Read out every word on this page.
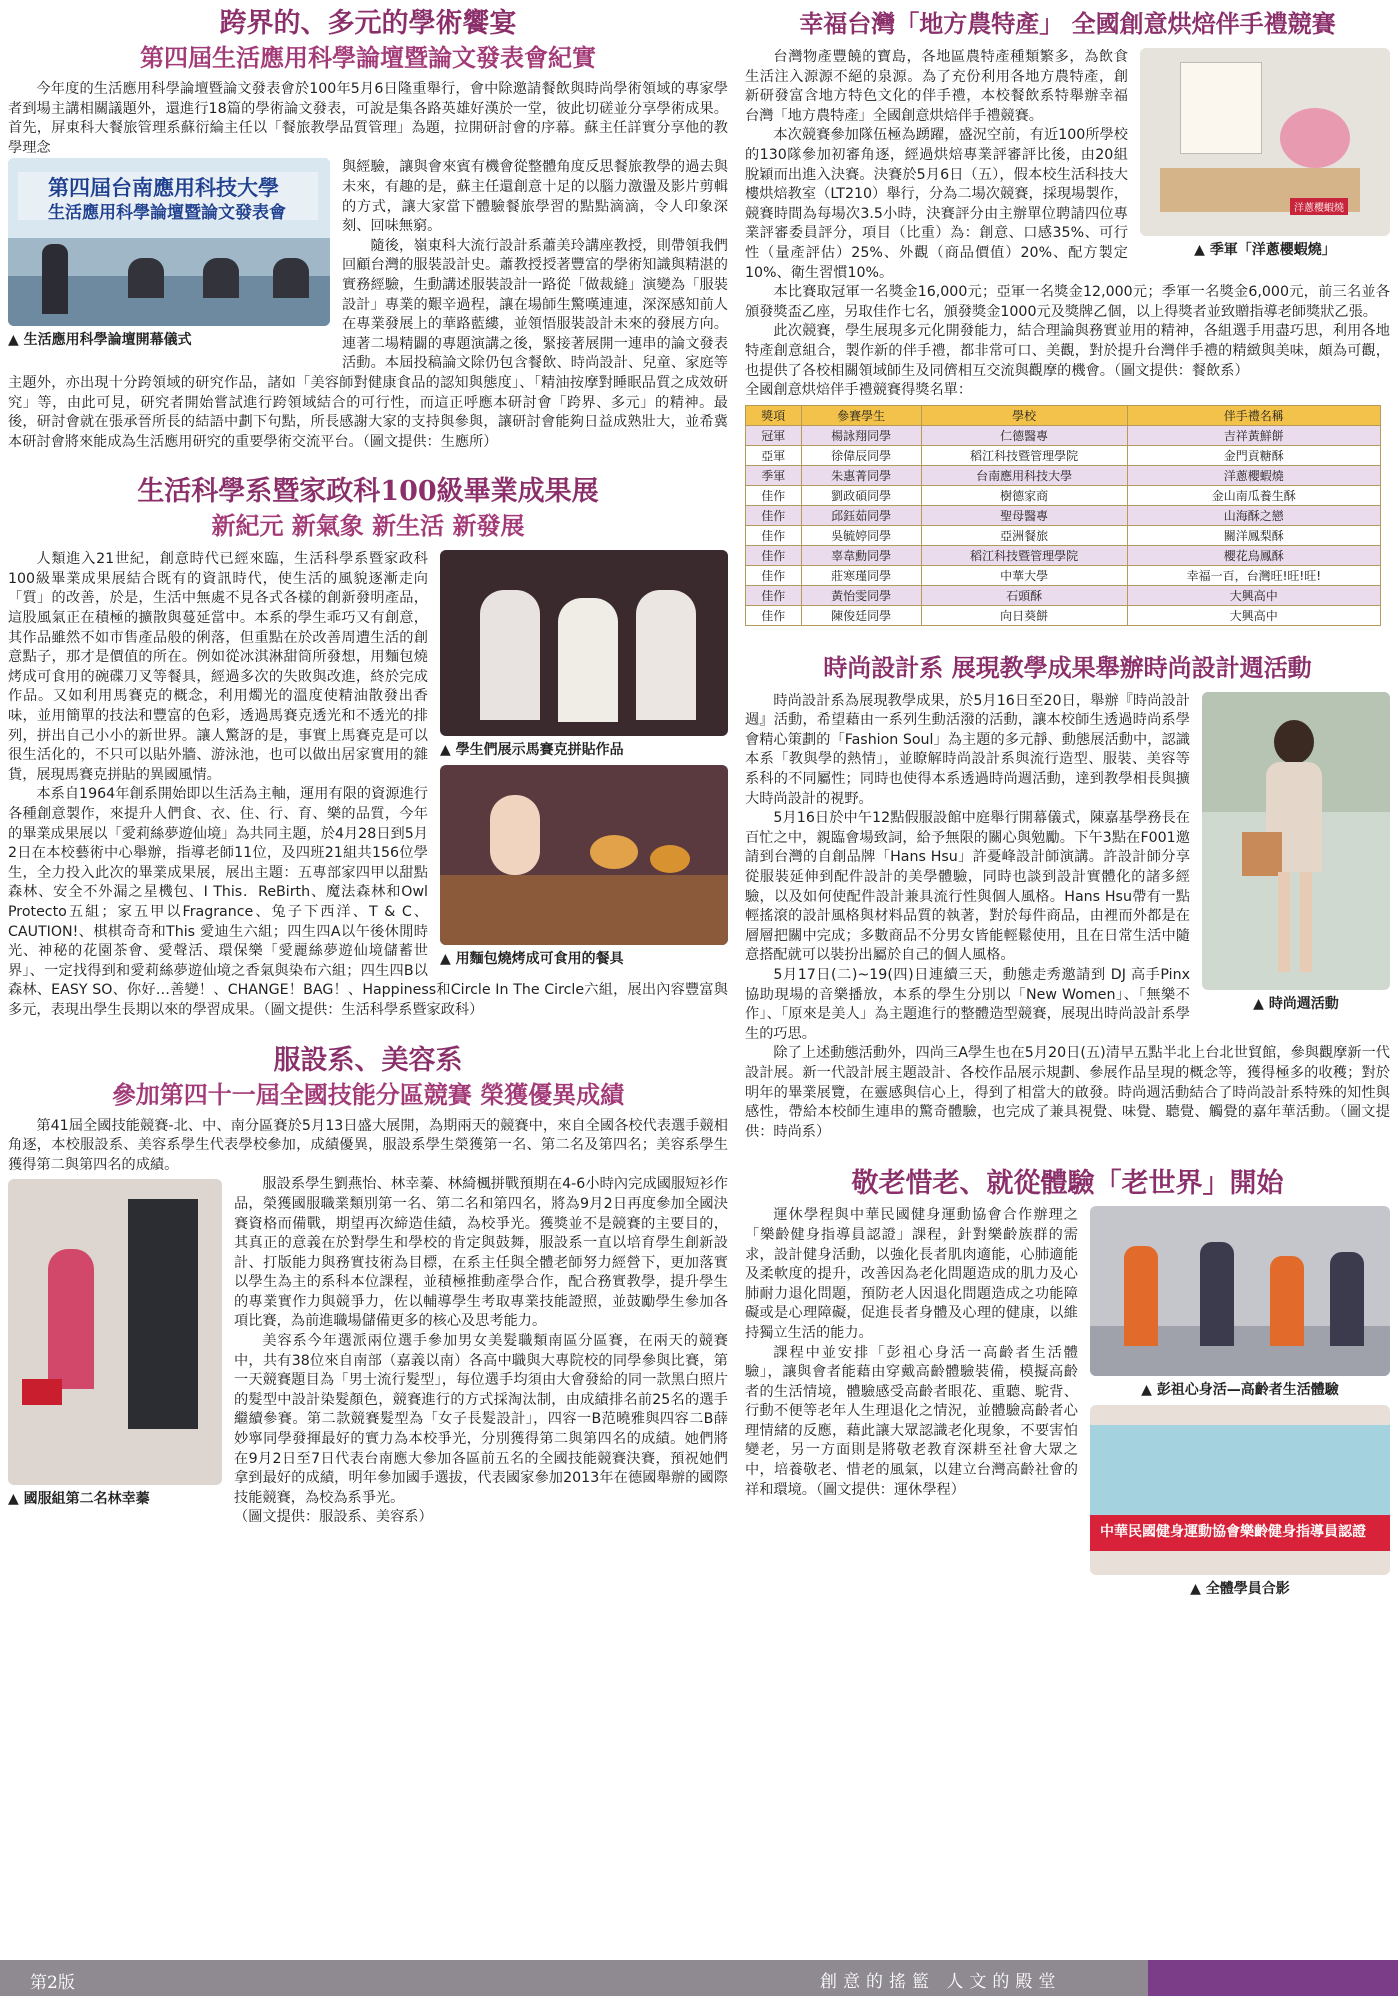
跨界的、多元的學術饗宴
第四屆生活應用科學論壇暨論文發表會紀實

今年度的生活應用科學論壇暨論文發表會於100年5月6日隆重舉行，會中除邀請餐飲與時尚學術領域的專家學者到場主講相關議題外，還進行18篇的學術論文發表，可說是集各路英雄好漢於一堂，彼此切磋並分享學術成果。首先，屏東科大餐旅管理系蘇衍綸主任以「餐旅教學品質管理」為題，拉開研討會的序幕。蘇主任詳實分享他的教學理念

第四屆台南應用科技大學
生活應用科學論壇暨論文發表會
▲ 生活應用科學論壇開幕儀式

與經驗，讓與會來賓有機會從整體角度反思餐旅教學的過去與未來，有趣的是，蘇主任還創意十足的以腦力激盪及影片剪輯的方式，讓大家當下體驗餐旅學習的點點滴滴，令人印象深刻、回味無窮。

隨後，嶺東科大流行設計系蕭美玲講座教授，則帶領我們回顧台灣的服裝設計史。蕭教授授著豐富的學術知識與精湛的實務經驗，生動講述服裝設計一路從「做裁縫」演變為「服裝設計」專業的艱辛過程，讓在場師生驚嘆連連，深深感知前人在專業發展上的華路藍縷，並領悟服裝設計未來的發展方向。連著二場精闢的專題演講之後，緊接著展開一連串的論文發表活動。本屆投稿論文除仍包含餐飲、時尚設計、兒童、家庭等主題外，亦出現十分跨領域的研究作品，諸如「美容師對健康食品的認知與態度」、「精油按摩對睡眠品質之成效研究」等，由此可見，研究者開始嘗試進行跨領域結合的可行性，而這正呼應本研討會「跨界、多元」的精神。最後，研討會就在張承晉所長的結語中劃下句點，所長感謝大家的支持與參與，讓研討會能夠日益成熟壯大，並希冀本研討會將來能成為生活應用研究的重要學術交流平台。（圖文提供：生應所）

生活科學系暨家政科100級畢業成果展
新紀元 新氣象 新生活 新發展
▲ 學生們展示馬賽克拼貼作品
▲ 用麵包燒烤成可食用的餐具

人類進入21世紀，創意時代已經來臨，生活科學系暨家政科100級畢業成果展結合既有的資訊時代，使生活的風貌逐漸走向「質」的改善，於是，生活中無處不見各式各樣的創新發明產品，這股風氣正在積極的擴散與蔓延當中。本系的學生乖巧又有創意，其作品雖然不如市售產品般的俐落，但重點在於改善周遭生活的創意點子，那才是價值的所在。例如從冰淇淋甜筒所發想，用麵包燒烤成可食用的碗碟刀叉等餐具，經過多次的失敗與改進，終於完成作品。又如利用馬賽克的概念，利用燭光的溫度使精油散發出香味，並用簡單的技法和豐富的色彩，透過馬賽克透光和不透光的排列，拼出自己小小的新世界。讓人驚訝的是，事實上馬賽克是可以很生活化的，不只可以貼外牆、游泳池，也可以做出居家實用的雜貨，展現馬賽克拼貼的異國風情。

本系自1964年創系開始即以生活為主軸，運用有限的資源進行各種創意製作，來提升人們食、衣、住、行、育、樂的品質，今年的畢業成果展以「愛莉絲夢遊仙境」為共同主題，於4月28日到5月2日在本校藝術中心舉辦，指導老師11位，及四班21組共156位學生，全力投入此次的畢業成果展，展出主題：五專部家四甲以甜點森林、安全不外漏之星機包、I This．ReBirth、魔法森林和Owl Protecto五組；家五甲以Fragrance、兔子下西洋、T & C、CAUTION!、棋棋奇奇和This 愛迪生六組；四生四A以午後休閒時光、神秘的花園茶會、愛聲活、環保樂「愛麗絲夢遊仙境儲蓄世界」、一定找得到和愛莉絲夢遊仙境之香氣與染布六組；四生四B以森林、EASY SO、你好…善變！、CHANGE！BAG！、Happiness和Circle In The Circle六組，展出內容豐富與多元，表現出學生長期以來的學習成果。（圖文提供：生活科學系暨家政科）

服設系、美容系
參加第四十一屆全國技能分區競賽 榮獲優異成績

第41屆全國技能競賽-北、中、南分區賽於5月13日盛大展開，為期兩天的競賽中，來自全國各校代表選手競相角逐，本校服設系、美容系學生代表學校參加，成績優異，服設系學生榮獲第一名、第二名及第四名；美容系學生獲得第二與第四名的成績。

▲ 國服組第二名林幸蓁

服設系學生劉燕怡、林幸蓁、林綺楓拼戰預期在4-6小時內完成國服短衫作品，榮獲國服職業類別第一名、第二名和第四名，將為9月2日再度參加全國決賽資格而備戰，期望再次締造佳績，為校爭光。獲獎並不是競賽的主要目的，其真正的意義在於對學生和學校的肯定與鼓舞，服設系一直以培育學生創新設計、打版能力與務實技術為目標，在系主任與全體老師努力經營下，更加落實以學生為主的系科本位課程，並積極推動產學合作，配合務實教學，提升學生的專業實作力與競爭力，佐以輔導學生考取專業技能證照，並鼓勵學生參加各項比賽，為前進職場儲備更多的核心及思考能力。

美容系今年選派兩位選手參加男女美髮職類南區分區賽，在兩天的競賽中，共有38位來自南部（嘉義以南）各高中職與大專院校的同學參與比賽，第一天競賽題目為「男士流行髮型」，每位選手均須由大會發給的同一款黑白照片的髮型中設計染髮顏色，競賽進行的方式採淘汰制，由成績排名前25名的選手繼續參賽。第二款競賽髮型為「女子長髮設計」，四容一B范曉雅與四容二B薛妙寧同學發揮最好的實力為本校爭光，分別獲得第二與第四名的成績。她們將在9月2日至7日代表台南應大參加各區前五名的全國技能競賽決賽，預祝她們拿到最好的成績，明年參加國手選拔，代表國家參加2013年在德國舉辦的國際技能競賽，為校為系爭光。

（圖文提供：服設系、美容系）

幸福台灣「地方農特產」 全國創意烘焙伴手禮競賽
洋蔥櫻蝦燒
▲ 季軍「洋蔥櫻蝦燒」

台灣物產豐饒的寶島，各地區農特產種類繁多，為飲食生活注入源源不絕的泉源。為了充份利用各地方農特產，創新研發富含地方特色文化的伴手禮，本校餐飲系特舉辦幸福台灣「地方農特產」全國創意烘焙伴手禮競賽。

本次競賽參加隊伍極為踴躍，盛況空前，有近100所學校的130隊參加初審角逐，經過烘焙專業評審評比後，由20組脫穎而出進入決賽。決賽於5月6日（五），假本校生活科技大樓烘焙教室（LT210）舉行，分為二場次競賽，採現場製作，競賽時間為每場次3.5小時，決賽評分由主辦單位聘請四位專業評審委員評分，項目（比重）為：創意、口感35%、可行性（量產評估）25%、外觀（商品價值）20%、配方製定10%、衛生習慣10%。

本比賽取冠軍一名獎金16,000元；亞軍一名獎金12,000元；季軍一名獎金6,000元，前三名並各頒發獎盃乙座，另取佳作七名，頒發獎金1000元及獎牌乙個，以上得獎者並致贈指導老師獎狀乙張。

此次競賽，學生展現多元化開發能力，結合理論與務實並用的精神，各組選手用盡巧思，利用各地特產創意組合，製作新的伴手禮，都非常可口、美觀，對於提升台灣伴手禮的精緻與美味，頗為可觀，也提供了各校相關領域師生及同儕相互交流與觀摩的機會。（圖文提供：餐飲系）

全國創意烘焙伴手禮競賽得獎名單：

獎項	參賽學生	學校	伴手禮名稱
冠軍	楊詠翔同學	仁德醫專	吉祥黃鮮餅
亞軍	徐偉辰同學	稻江科技暨管理學院	金門貢糖酥
季軍	朱惠菁同學	台南應用科技大學	洋蔥櫻蝦燒
佳作	劉政碩同學	樹德家商	金山南瓜養生酥
佳作	邱鈺茹同學	聖母醫專	山海酥之戀
佳作	吳毓婷同學	亞洲餐旅	關洋鳳梨酥
佳作	辜韋勳同學	稻江科技暨管理學院	櫻花烏鳳酥
佳作	莊寒瑾同學	中華大學	幸福一百，台灣旺!旺!旺!
佳作	黃怡雯同學	石頭酥	大興高中
佳作	陳俊廷同學	向日葵餅	大興高中
時尚設計系 展現教學成果舉辦時尚設計週活動
▲ 時尚週活動

時尚設計系為展現教學成果，於5月16日至20日，舉辦『時尚設計週』活動，希望藉由一系列生動活潑的活動，讓本校師生透過時尚系學會精心策劃的「Fashion Soul」為主題的多元靜、動態展活動中，認識本系「教與學的熱情」，並瞭解時尚設計系與流行造型、服裝、美容等系科的不同屬性；同時也使得本系透過時尚週活動，達到教學相長與擴大時尚設計的視野。

5月16日於中午12點假服設館中庭舉行開幕儀式，陳嘉基學務長在百忙之中，親臨會場致詞，給予無限的關心與勉勵。下午3點在F001邀請到台灣的自創品牌「Hans Hsu」許憂峰設計師演講。許設計師分享從服裝延伸到配件設計的美學體驗，同時也談到設計實體化的諸多經驗，以及如何使配件設計兼具流行性與個人風格。Hans Hsu帶有一點輕搖滾的設計風格與材料品質的執著，對於每件商品，由裡而外都是在層層把關中完成；多數商品不分男女皆能輕鬆使用，且在日常生活中隨意搭配就可以裝扮出屬於自己的個人風格。

5月17日(二)~19(四)日連續三天，動態走秀邀請到 DJ 高手Pinx 協助現場的音樂播放，本系的學生分別以「New Women」、「無樂不作」、「原來是美人」為主題進行的整體造型競賽，展現出時尚設計系學生的巧思。

除了上述動態活動外，四尚三A學生也在5月20日(五)清早五點半北上台北世貿館，參與觀摩新一代設計展。新一代設計展主題設計、各校作品展示規劃、參展作品呈現的概念等，獲得極多的收穫；對於明年的畢業展覽，在靈感與信心上，得到了相當大的啟發。時尚週活動結合了時尚設計系特殊的知性與感性，帶給本校師生連串的驚奇體驗，也完成了兼具視覺、味覺、聽覺、觸覺的嘉年華活動。（圖文提供：時尚系）

敬老惜老、就從體驗「老世界」開始
▲ 彭祖心身活—高齡者生活體驗
中華民國健身運動協會樂齡健身指導員認證
▲ 全體學員合影

運休學程與中華民國健身運動協會合作辦理之「樂齡健身指導員認證」課程，針對樂齡族群的需求，設計健身活動，以強化長者肌肉適能，心肺適能及柔軟度的提升，改善因為老化問題造成的肌力及心肺耐力退化問題，預防老人因退化問題造成之功能障礙或是心理障礙，促進長者身體及心理的健康，以維持獨立生活的能力。

課程中並安排「彭祖心身活一高齡者生活體驗」，讓與會者能藉由穿戴高齡體驗裝備，模擬高齡者的生活情境，體驗感受高齡者眼花、重聽、駝背、行動不便等老年人生理退化之情況，並體驗高齡者心理情緒的反應，藉此讓大眾認識老化現象，不要害怕變老，另一方面則是將敬老教育深耕至社會大眾之中，培養敬老、惜老的風氣，以建立台灣高齡社會的祥和環境。（圖文提供：運休學程）

第2版	創意的搖籃 人文的殿堂
